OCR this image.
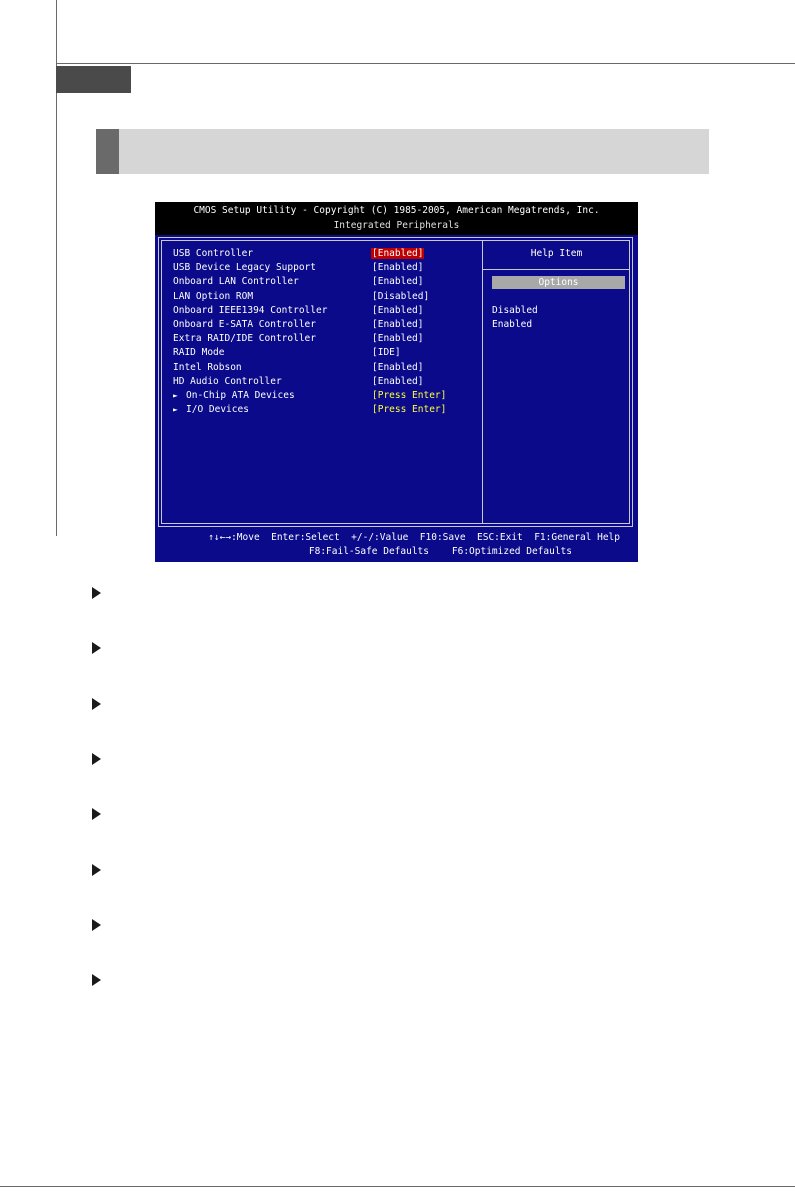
CMOS Setup Utility - Copyright (C) 1985-2005, American Megatrends, Inc.
Integrated Peripherals
USB Controller	[Enabled]
USB Device Legacy Support	[Enabled]
Onboard LAN Controller	[Enabled]
LAN Option ROM	[Disabled]
Onboard IEEE1394 Controller	[Enabled]
Onboard E-SATA Controller	[Enabled]
Extra RAID/IDE Controller	[Enabled]
RAID Mode	[IDE]
Intel Robson	[Enabled]
HD Audio Controller	[Enabled]
► On-Chip ATA Devices	[Press Enter]
► I/O Devices	[Press Enter]
Help Item
Options
Disabled
Enabled
↑↓←→:Move  Enter:Select  +/-/:Value  F10:Save  ESC:Exit  F1:General Help
F8:Fail-Safe Defaults    F6:Optimized Defaults
